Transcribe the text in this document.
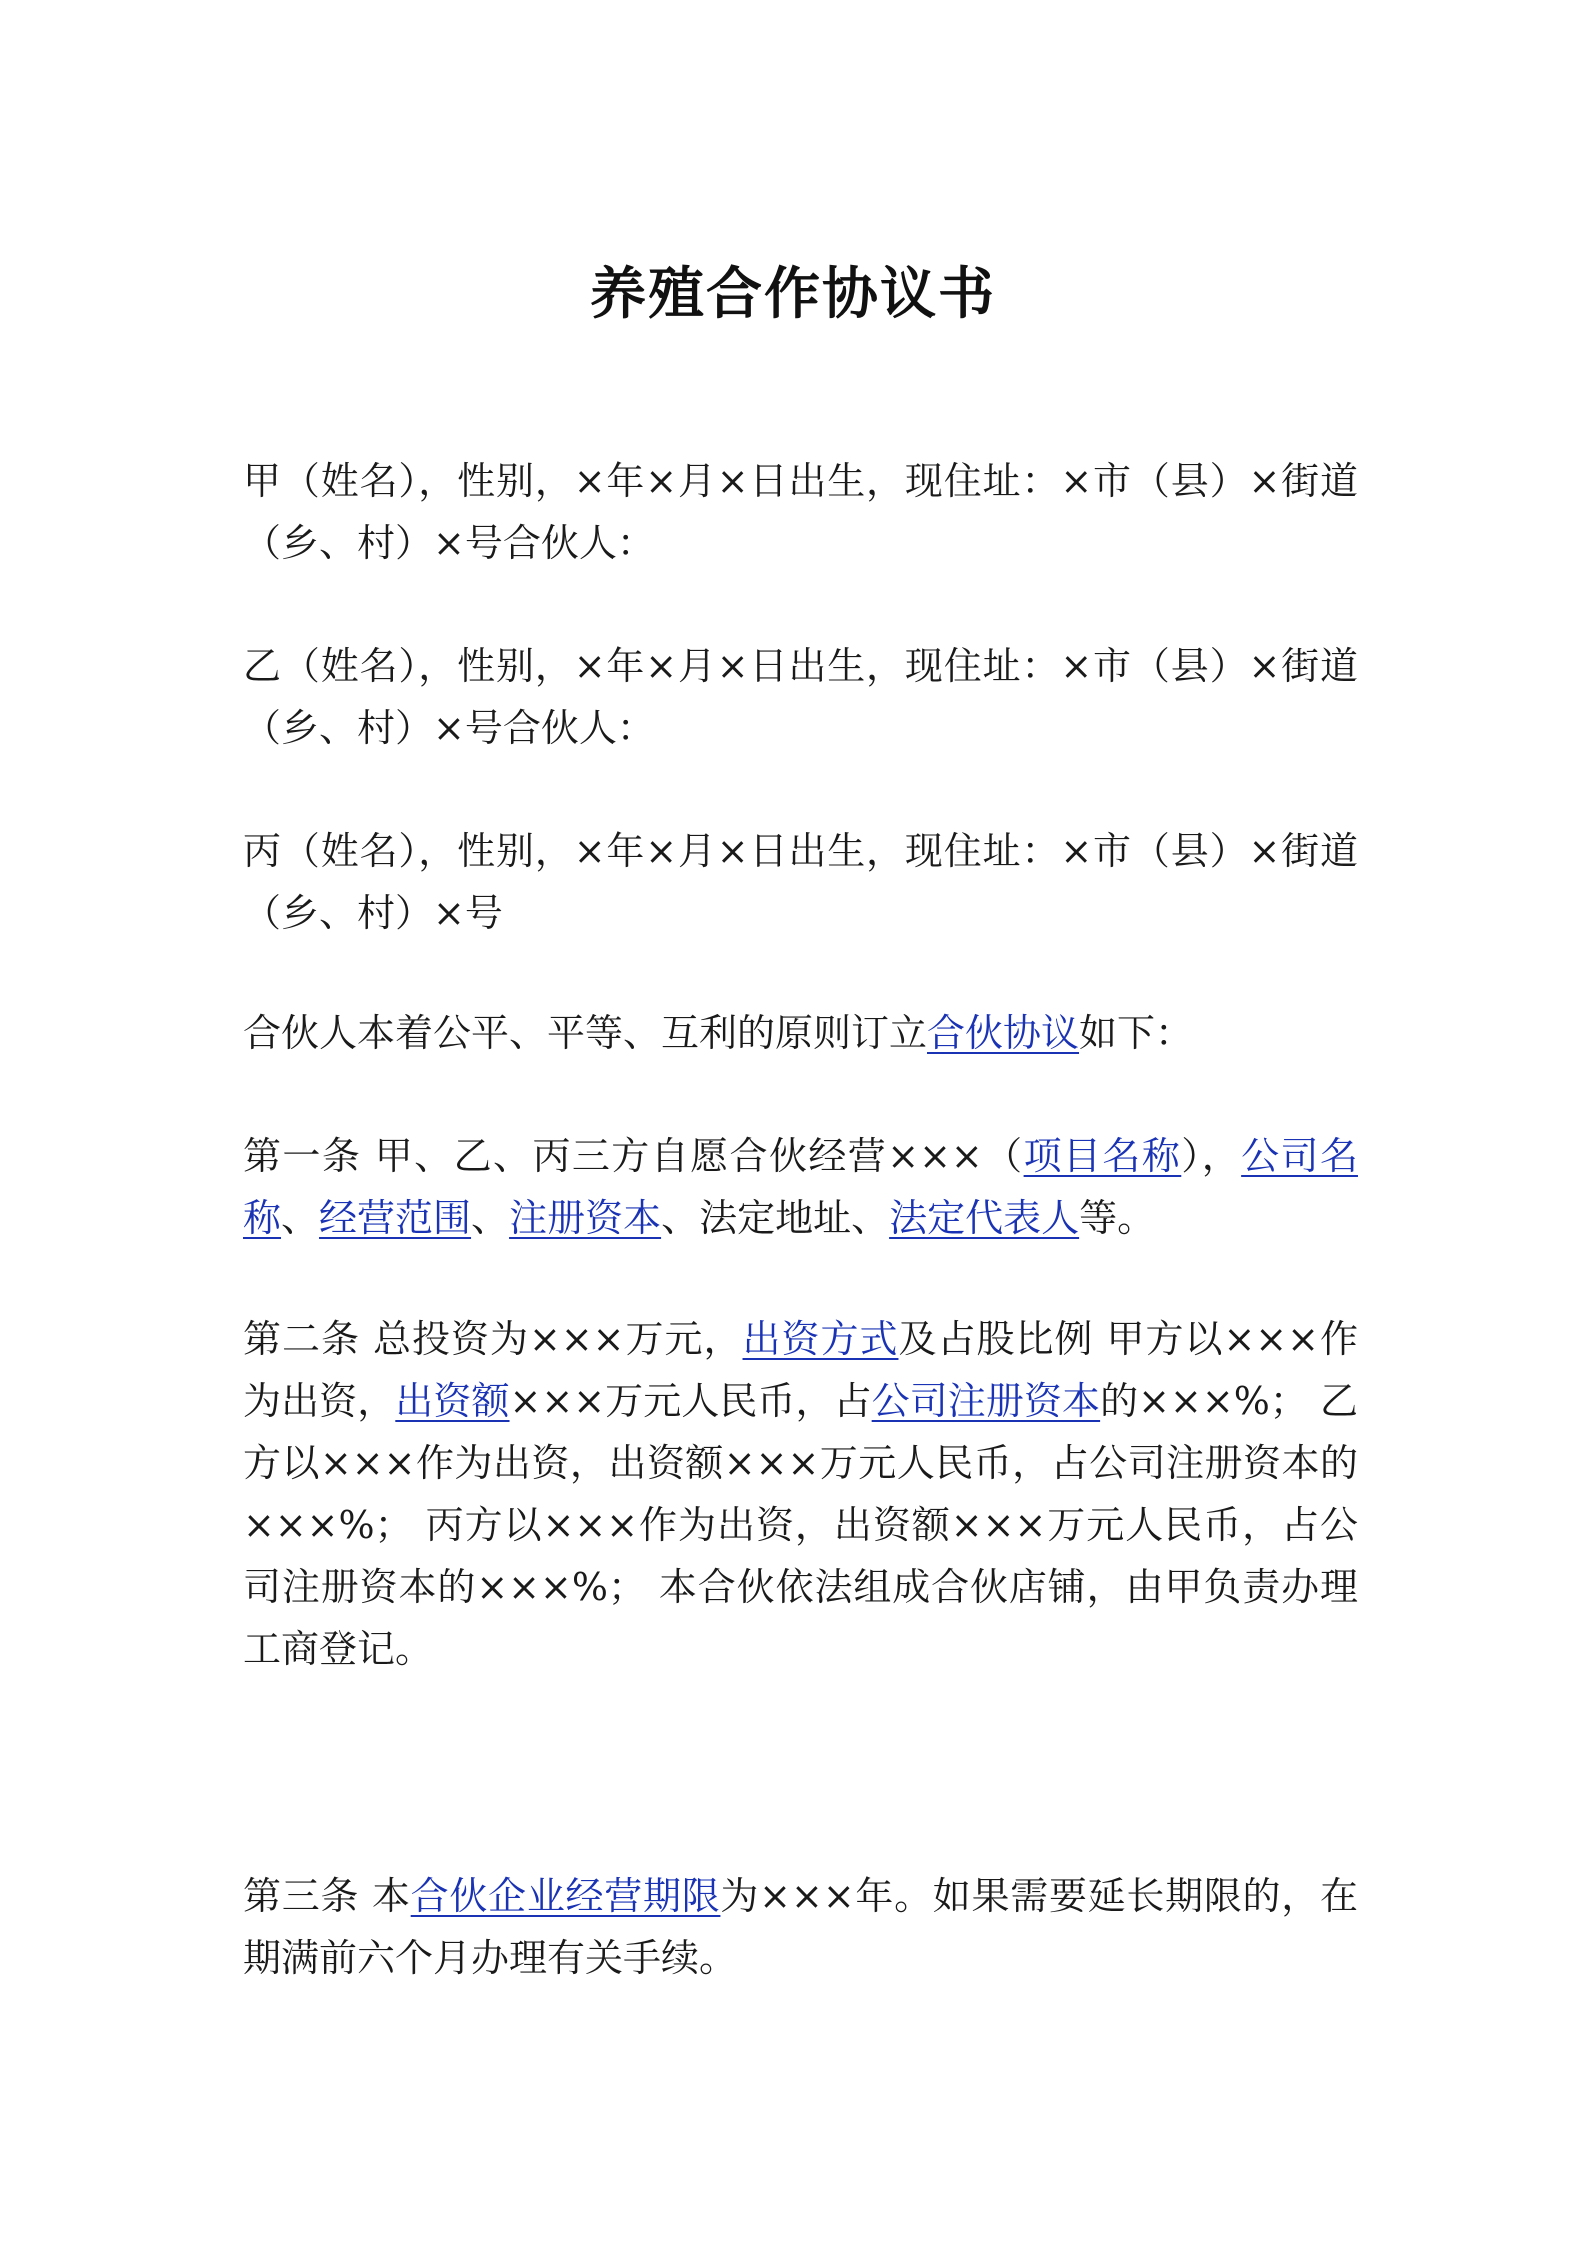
养殖合作协议书
甲（姓名），性别，×年×月×日出生，现住址：×市（县）×街道（乡、村）×号合伙人：
乙（姓名），性别，×年×月×日出生，现住址：×市（县）×街道（乡、村）×号合伙人：
丙（姓名），性别，×年×月×日出生，现住址：×市（县）×街道（乡、村）×号
合伙人本着公平、平等、互利的原则订立合伙协议如下：
第一条 甲、乙、丙三方自愿合伙经营×××（项目名称），公司名称、经营范围、注册资本、法定地址、法定代表人等。
第二条 总投资为×××万元，出资方式及占股比例 甲方以×××作为出资，出资额×××万元人民币，占公司注册资本的×××%； 乙方以×××作为出资，出资额×××万元人民币，占公司注册资本的×××%； 丙方以×××作为出资，出资额×××万元人民币，占公司注册资本的×××%； 本合伙依法组成合伙店铺，由甲负责办理工商登记。
第三条 本合伙企业经营期限为×××年。如果需要延长期限的，在期满前六个月办理有关手续。
